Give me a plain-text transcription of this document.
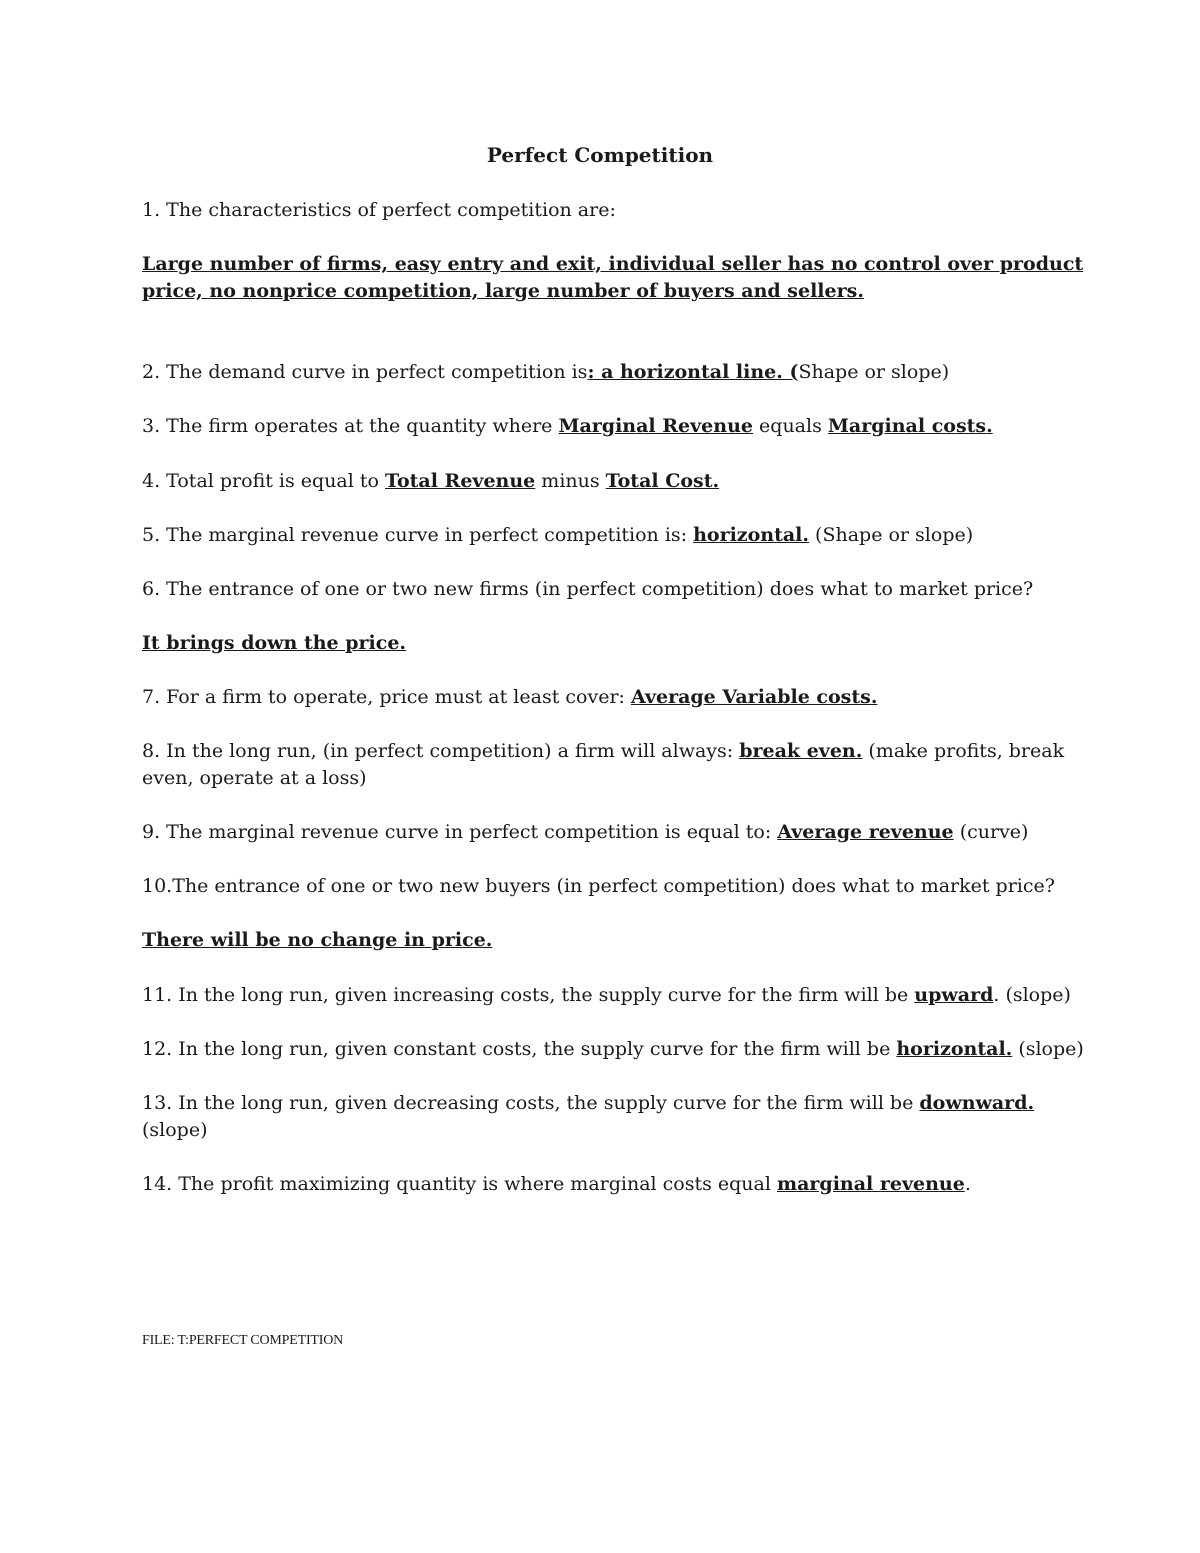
Perfect Competition
1. The characteristics of perfect competition are:
Large number of firms, easy entry and exit, individual seller has no control over product
price, no nonprice competition, large number of buyers and sellers.
2. The demand curve in perfect competition is: a horizontal line. (Shape or slope)
3. The firm operates at the quantity where Marginal Revenue equals Marginal costs.
4. Total profit is equal to Total Revenue minus Total Cost.
5. The marginal revenue curve in perfect competition is: horizontal. (Shape or slope)
6. The entrance of one or two new firms (in perfect competition) does what to market price?
It brings down the price.
7. For a firm to operate, price must at least cover: Average Variable costs.
8. In the long run, (in perfect competition) a firm will always: break even. (make profits, break
even, operate at a loss)
9. The marginal revenue curve in perfect competition is equal to: Average revenue (curve)
10.The entrance of one or two new buyers (in perfect competition) does what to market price?
There will be no change in price.
11. In the long run, given increasing costs, the supply curve for the firm will be upward. (slope)
12. In the long run, given constant costs, the supply curve for the firm will be horizontal. (slope)
13. In the long run, given decreasing costs, the supply curve for the firm will be downward.
(slope)
14. The profit maximizing quantity is where marginal costs equal marginal revenue.
FILE: T:PERFECT COMPETITION
